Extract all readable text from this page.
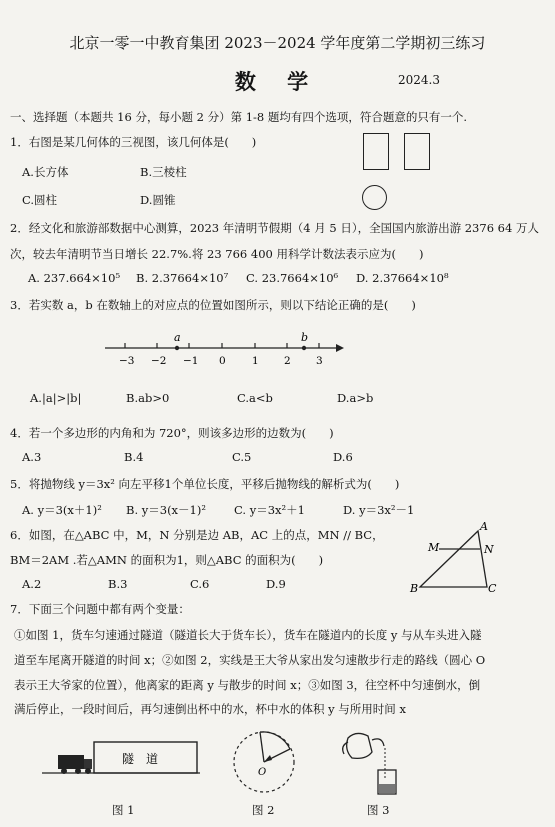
北京一零一中教育集团 2023－2024 学年度第二学期初三练习
数 学	2024.3
一、选择题（本题共 16 分，每小题 2 分）第 1-8 题均有四个选项，符合题意的只有一个.
1．右图是某几何体的三视图，该几何体是(　　)
A.长方体	B.三棱柱
C.圆柱	D.圆锥
2．经文化和旅游部数据中心测算，2023 年清明节假期（4 月 5 日），全国国内旅游出游 2376 64 万人
次，较去年清明节当日增长 22.7%.将 23 766 400 用科学计数法表示应为(　　)
A. 237.664×10⁵ B. 2.37664×10⁷ C. 23.7664×10⁶ D. 2.37664×10⁸
3．若实数 a，b 在数轴上的对应点的位置如图所示，则以下结论正确的是(　　)
a	b
−3 −2 −1 0	1 2 3
A.|a|>|b|	B.ab>0	C.a<b	D.a>b
4．若一个多边形的内角和为 720°，则该多边形的边数为(　　)
A.3	B.4	C.5	D.6
5．将抛物线 y＝3x² 向左平移1个单位长度，平移后抛物线的解析式为(　　)
A. y＝3(x＋1)² B. y＝3(x－1)² C. y＝3x²＋1	D. y＝3x²－1
6．如图，在△ABC 中，M，N 分别是边 AB，AC 上的点，MN // BC，
BM＝2AM .若△AMN 的面积为1，则△ABC 的面积为(　　)
A.2	B.3	C.6	D.9
A
M	N
B	C
7．下面三个问题中都有两个变量：
①如图 1，货车匀速通过隧道（隧道长大于货车长），货车在隧道内的长度 y 与从车头进入隧
道至车尾离开隧道的时间 x；②如图 2，实线是王大爷从家出发匀速散步行走的路线（圆心 O
表示王大爷家的位置），他离家的距离 y 与散步的时间 x；③如图 3，往空杯中匀速倒水，倒
满后停止，一段时间后，再匀速倒出杯中的水，杯中水的体积 y 与所用时间 x
隧　道
O
图 1	图 2	图 3
